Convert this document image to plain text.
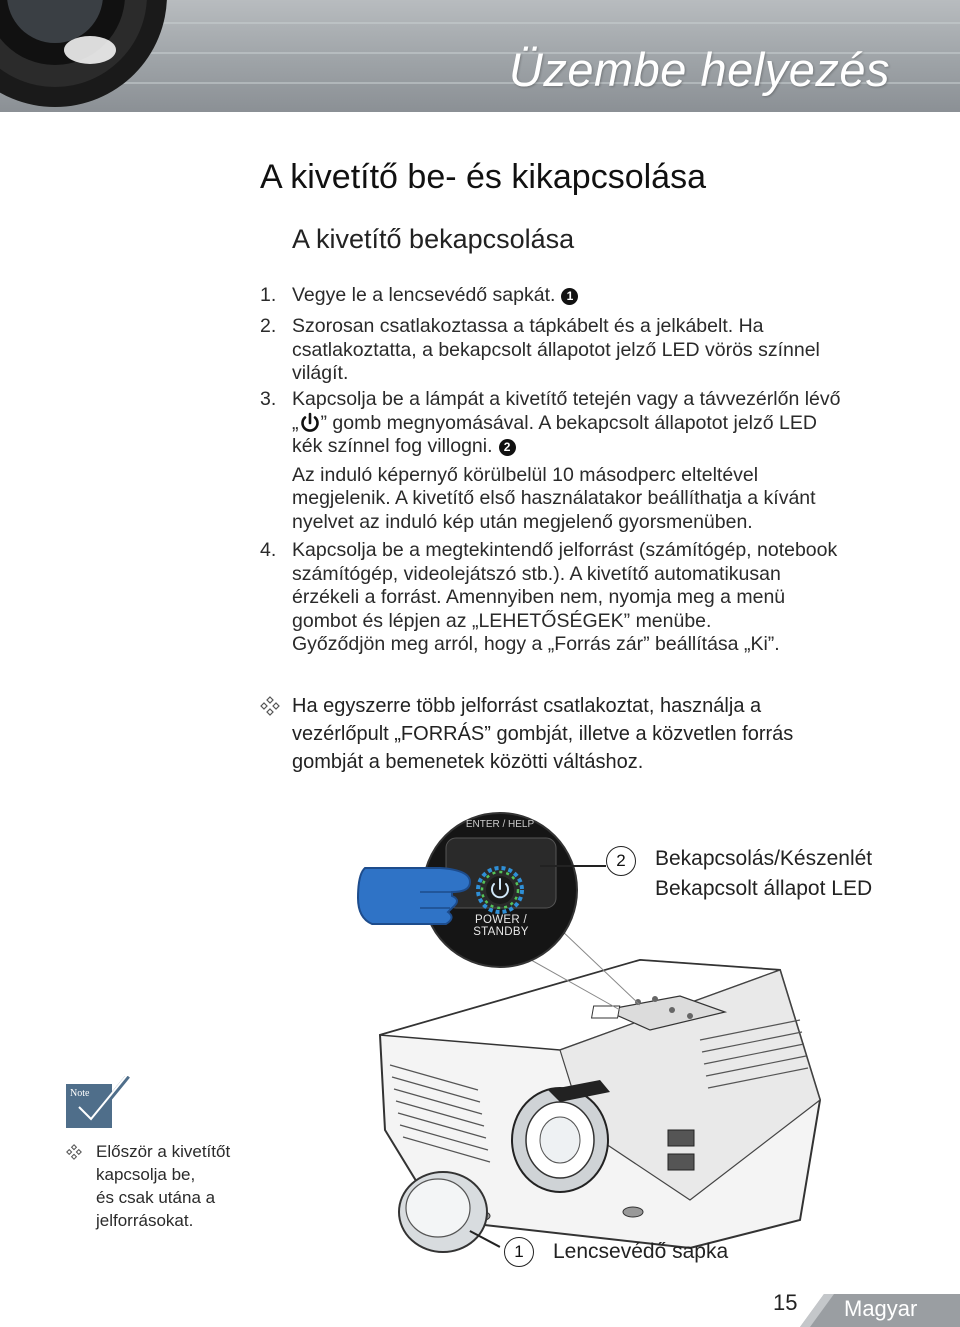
Üzembe helyezés
A kivetítő be- és kikapcsolása
A kivetítő bekapcsolása
1. Vegye le a lencsevédő sapkát. 1
2. Szorosan csatlakoztassa a tápkábelt és a jelkábelt. Ha
csatlakoztatta, a bekapcsolt állapotot jelző LED vörös színnel
világít.
3. Kapcsolja be a lámpát a kivetítő tetején vagy a távvezérlőn lévő
„ ” gomb megnyomásával. A bekapcsolt állapotot jelző LED
kék színnel fog villogni. 2
Az induló képernyő körülbelül 10 másodperc elteltével
megjelenik. A kivetítő első használatakor beállíthatja a kívánt
nyelvet az induló kép után megjelenő gyorsmenüben.
4. Kapcsolja be a megtekintendő jelforrást (számítógép, notebook
számítógép, videolejátszó stb.). A kivetítő automatikusan
érzékeli a forrást. Amennyiben nem, nyomja meg a menü
gombot és lépjen az „LEHETŐSÉGEK” menübe.
Győződjön meg arról, hogy a „Forrás zár” beállítása „Ki”.
Ha egyszerre több jelforrást csatlakoztat, használja a
vezérlőpult „FORRÁS” gombját, illetve a közvetlen forrás
gombját a bemenetek közötti váltáshoz.
POWER / STANDBY
ENTER / HELP
2	Bekapcsolás/Készenlét
Bekapcsolt állapot LED
1	Lencsevédő sapka
Note
Először a kivetítőt
kapcsolja be,
és csak utána a
jelforrásokat.
15 Magyar
